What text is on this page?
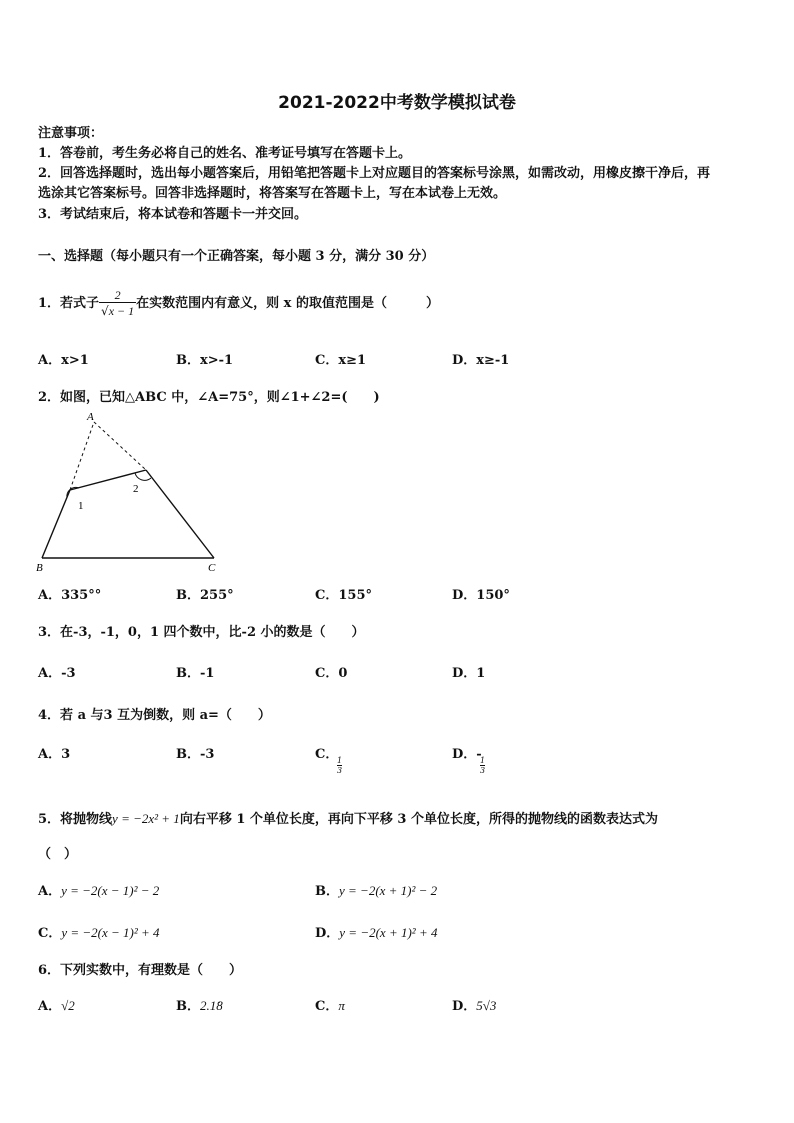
2021-2022中考数学模拟试卷
注意事项：
1．答卷前，考生务必将自己的姓名、准考证号填写在答题卡上。
2．回答选择题时，选出每小题答案后，用铅笔把答题卡上对应题目的答案标号涂黑，如需改动，用橡皮擦干净后，再
选涂其它答案标号。回答非选择题时，将答案写在答题卡上，写在本试卷上无效。
3．考试结束后，将本试卷和答题卡一并交回。
一、选择题（每小题只有一个正确答案，每小题 3 分，满分 30 分）
1．若式子 $\frac{2}{√x - 1}$ 在实数范围内有意义，则 x 的取值范围是（　　　）
A．x>1	B．x>-1	C．x≥1	D．x≥-1
2．如图，已知△ABC 中，∠A=75°，则∠1+∠2=(　　)
A
B	C
1
2
A．335°°	B．255°	C．155°	D．150°
3．在-3，-1，0，1 四个数中，比-2 小的数是（　　）
A．-3	B．-1	C．0	D．1
4．若 a 与3 互为倒数，则 a=（　　）
A．3	B．-3	C．
1
3
D．-
1
3
5．将抛物线y = −2x² + 1向右平移 1 个单位长度，再向下平移 3 个单位长度，所得的抛物线的函数表达式为
（　）
A．y = −2(x − 1)² − 2	B．y = −2(x + 1)² − 2
C．y = −2(x − 1)² + 4	D．y = −2(x + 1)² + 4
6．下列实数中，有理数是（　　）
A．√2	B．2.1̇8	C．π	D．5√3
